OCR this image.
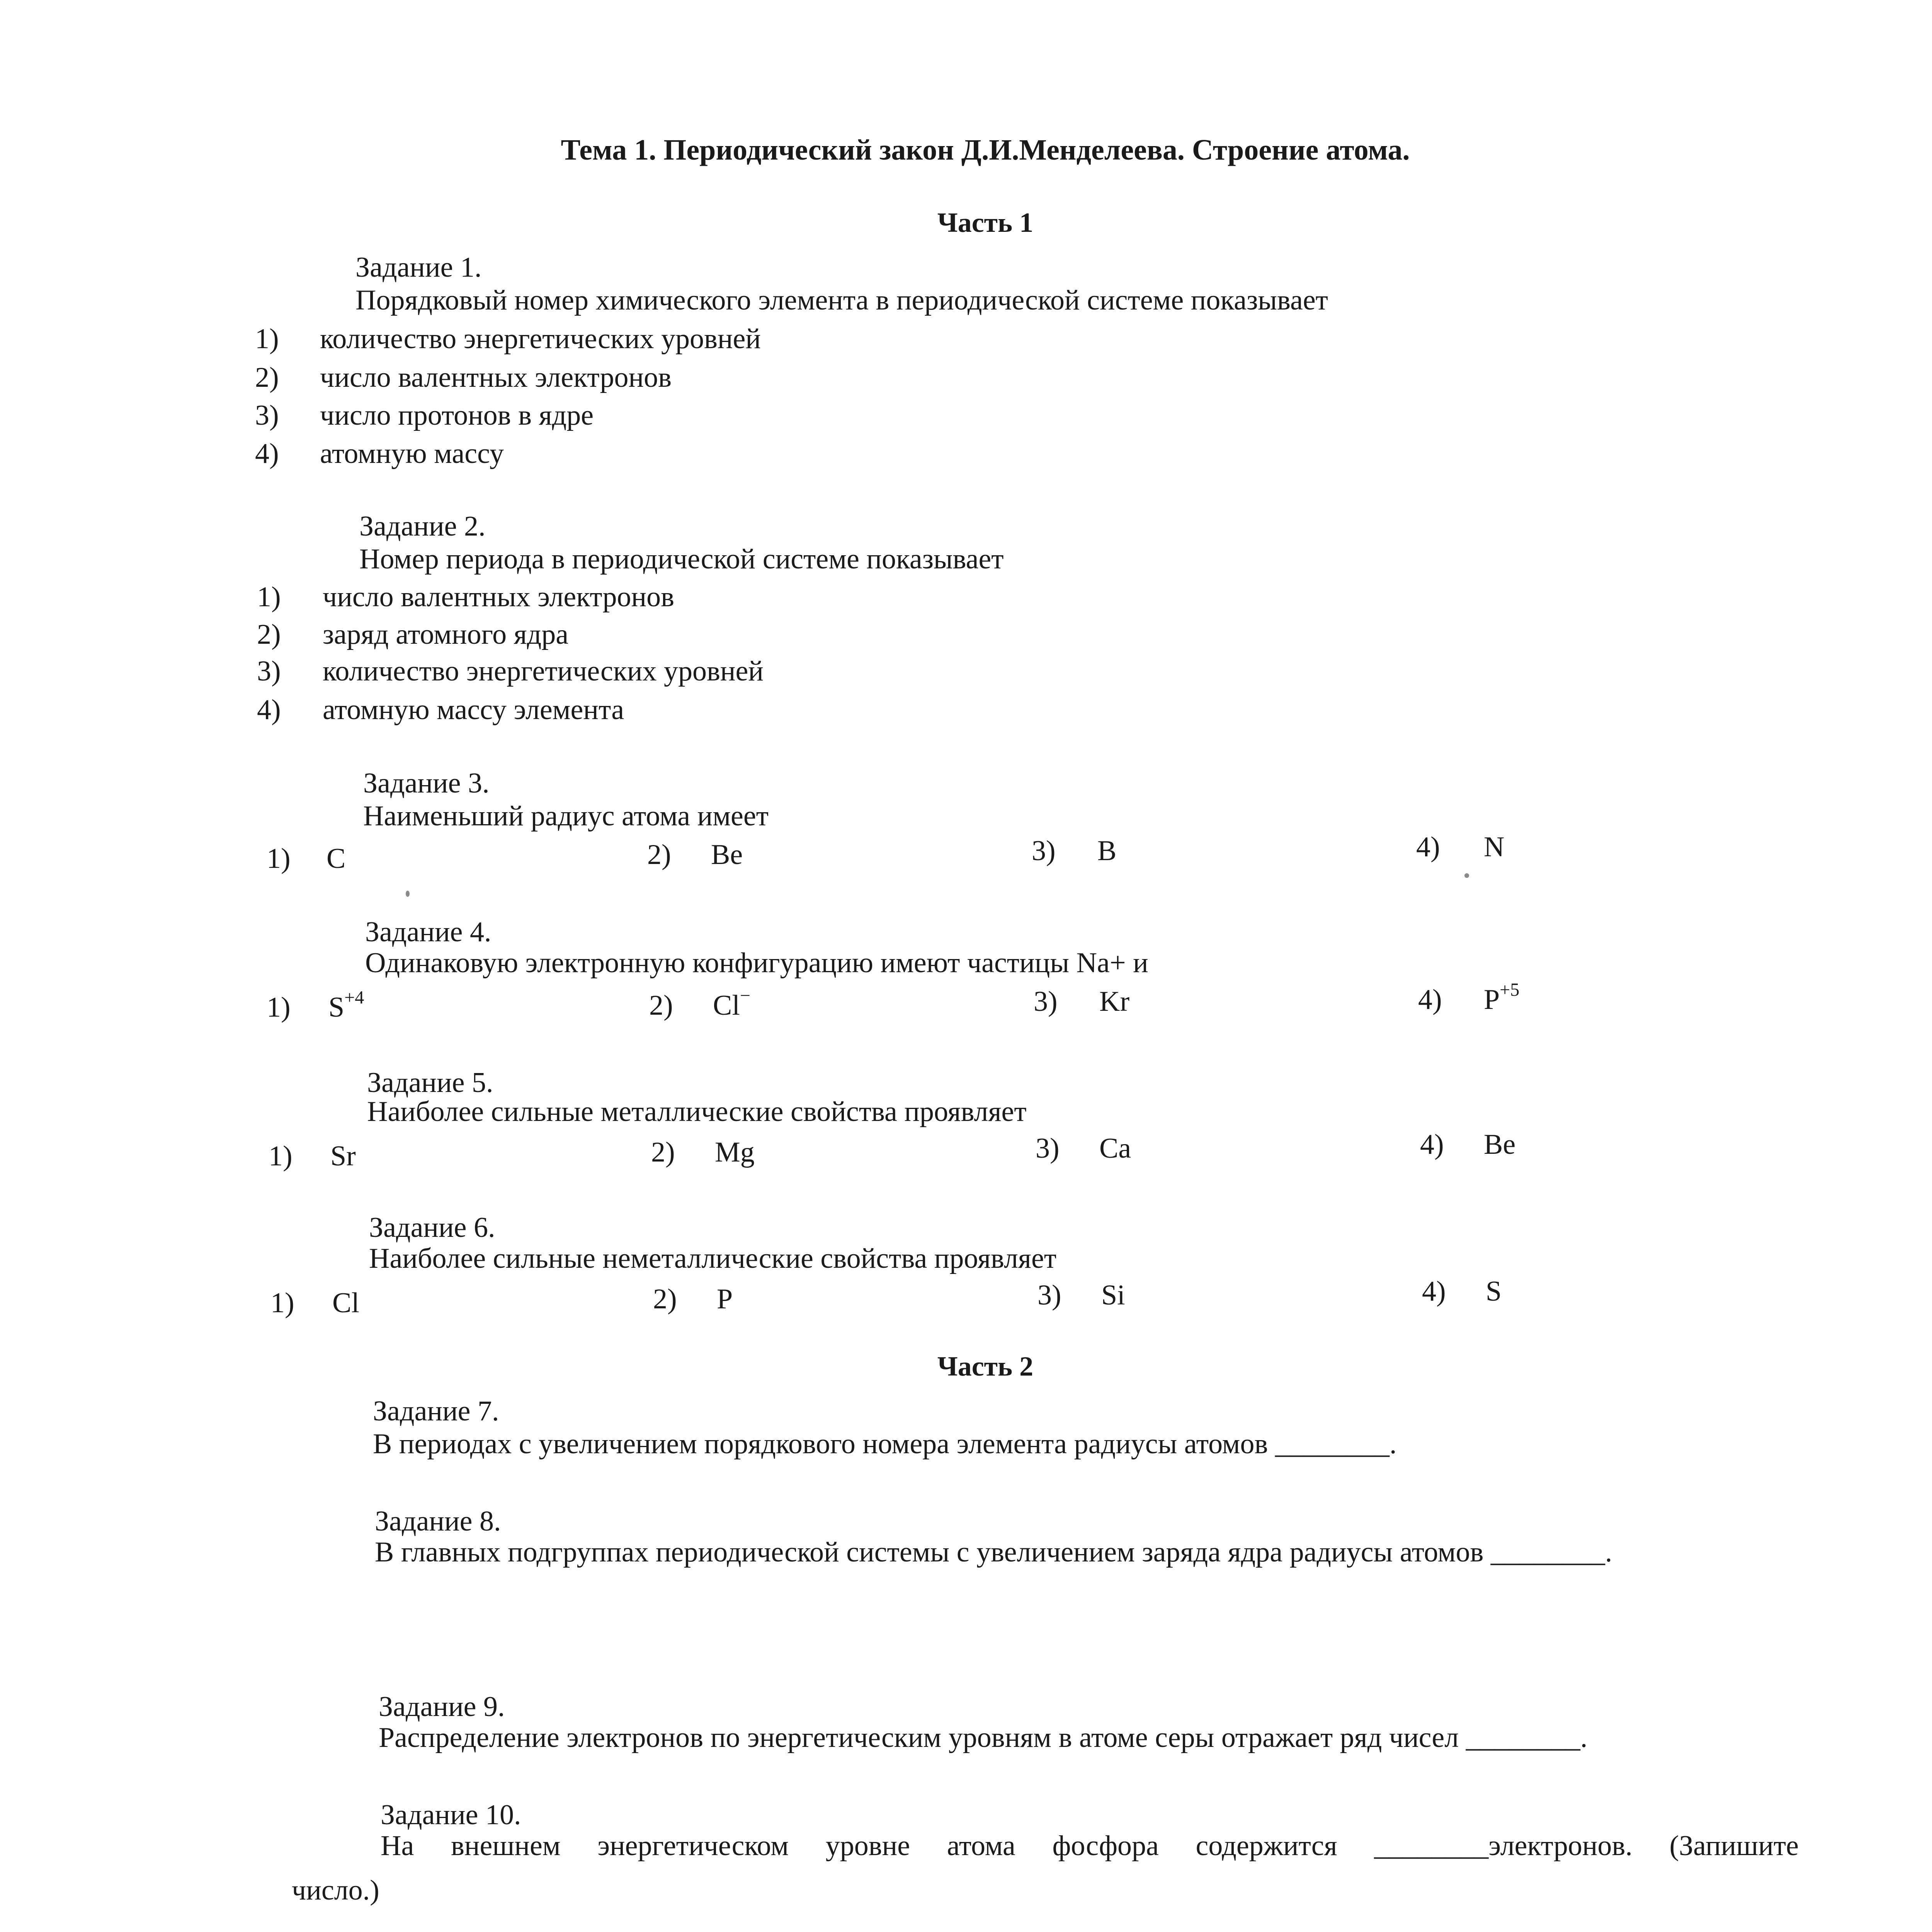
Тема 1. Периодический закон Д.И.Менделеева. Строение атома.
Часть 1
Задание 1.
Порядковый номер химического элемента в периодической системе показывает
1) количество энергетических уровней
2) число валентных электронов
3) число протонов в ядре
4) атомную массу
Задание 2.
Номер периода в периодической системе показывает
1) число валентных электронов
2) заряд атомного ядра
3) количество энергетических уровней
4) атомную массу элемента
Задание 3.
Наименьший радиус атома имеет
1) C	2) Be	3) B	4) N
Задание 4.
Одинаковую электронную конфигурацию имеют частицы Na+ и
1) $S^{+4}$	2) Cl−	3) Kr	4) $P^{+5}$
Задание 5.
Наиболее сильные металлические свойства проявляет
1) Sr	2) Mg	3) Ca	4) Be
Задание 6.
Наиболее сильные неметаллические свойства проявляет
1) Cl	2) P	3) Si	4) S
Часть 2
Задание 7.
В периодах с увеличением порядкового номера элемента радиусы атомов ________.
Задание 8.
В главных подгруппах периодической системы с увеличением заряда ядра радиусы атомов ________.
Задание 9.
Распределение электронов по энергетическим уровням в атоме серы отражает ряд чисел ________.
Задание 10.
На внешнем энергетическом уровне атома фосфора содержится ________электронов. (Запишите
число.)
